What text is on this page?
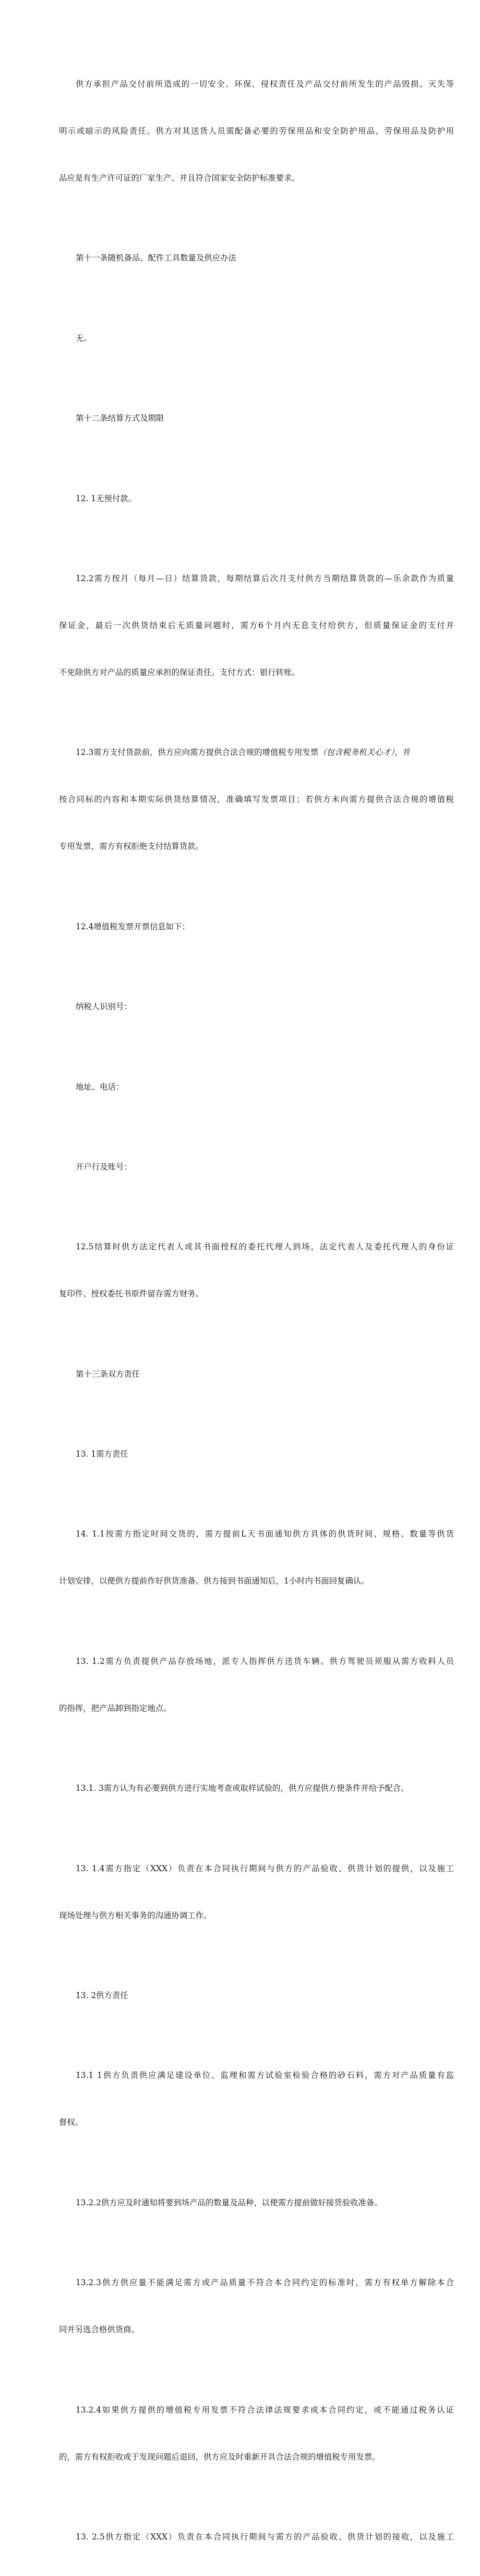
供方承担产品交付前所造成的一切安全、环保、侵权责任及产品交付前所发生的产品毁损、灭失等

明示或暗示的风险责任。供方对其送货人员需配备必要的劳保用品和安全防护用品，劳保用品及防护用

品应是有生产许可证的厂家生产、并且符合国家安全防护标准要求。

第十一条随机备品、配件工具数量及供应办法

无。

第十二条结算方式及期限

12. 1无预付款。

12.2需方按月（每月—日）结算货款，每期结算后次月支付供方当期结算货款的—乐余款作为质量

保证金，最后一次供货结束后无质量问题时，需方6个月内无息支付给供方，但质量保证金的支付并

不免除供方对产品的质量应承担的保证责任。支付方式：银行转账。

12.3需方支付货款前，供方应向需方提供合法合规的增值税专用发票（包含税务机关心才），并

按合同标的内容和本期实际供货结算情况，准确填写发票项目；若供方未向需方提供合法合规的增值税

专用发票，需方有权拒绝支付结算货款。

12.4增值税发票开票信息如下：

纳税人识别号：

地址、电话：

开户行及账号：

12.5结算时供方法定代表人或其书面授权的委托代理人到场，法定代表人及委托代理人的身份证

复印件、授权委托书原件留存需方财务。

第十三条双方责任

13. 1需方责任

14. 1.1按需方指定时间交货的，需方提前L天书面通知供方具体的供货时间、规格、数量等供货

计划安排，以便供方提前作好供货准备。供方接到书面通知后，1小时内书面回复确认。

13. 1.2需方负责提供产品存放场地，派专人指挥供方送货车辆。供方驾驶员须服从需方收料人员

的指挥，把产品卸到指定地点。

13.1. 3需方认为有必要到供方进行实地考查或取样试验的，供方应提供方便条件并给予配合。

13. 1.4需方指定（XXX）负责在本合同执行期间与供方的产品验收、供货计划的提供，以及施工

现场处理与供方相关事务的沟通协调工作。

13. 2供方责任

13.1 1供方负责供应满足建设单位、监理和需方试验室检验合格的砂石料，需方对产品质量有监

督权。

13.2.2供方应及时通知将要到场产品的数量及品种，以便需方提前做好接货验收准备。

13.2.3供方供应量不能满足需方或产品质量不符合本合同约定的标准时，需方有权单方解除本合

同并另选合格供货商。

13.2.4如果供方提供的增值税专用发票不符合法律法规要求或本合同约定，或不能通过税务认证

的，需方有权拒收或于发现问题后退回，供方应及时重新开具合法合规的增值税专用发票。

13. 2.5供方指定（XXX）负责在本合同执行期间与需方的产品验收、供货计划的接收，以及施工
